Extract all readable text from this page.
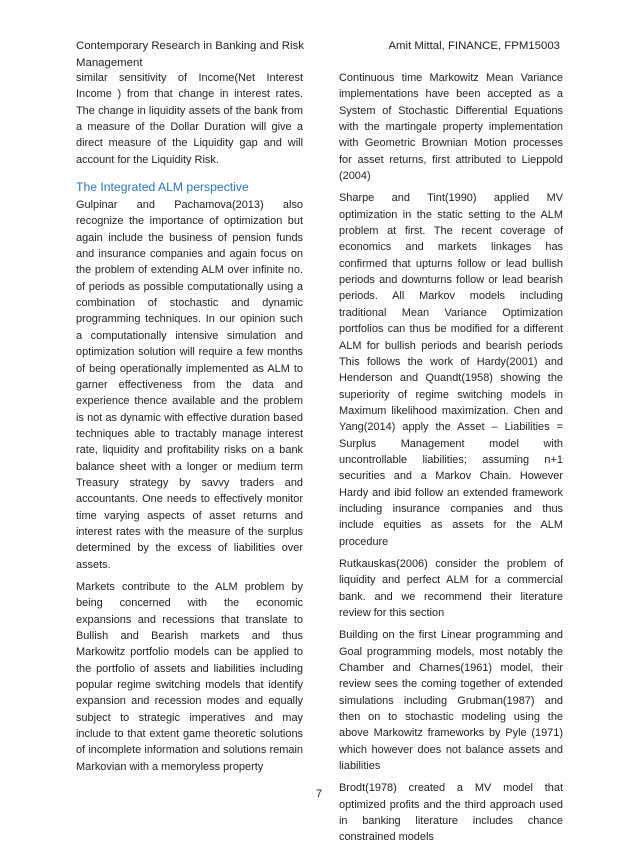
Contemporary Research in Banking and Risk Management
Amit Mittal, FINANCE, FPM15003

similar sensitivity of Income(Net Interest Income ) from that change in interest rates. The change in liquidity assets of the bank from a measure of the Dollar Duration will give a direct measure of the Liquidity gap and will account for the Liquidity Risk.

The Integrated ALM perspective

Gulpinar and Pachamova(2013) also recognize the importance of optimization but again include the business of pension funds and insurance companies and again focus on the problem of extending ALM over infinite no. of periods as possible computationally using a combination of stochastic and dynamic programming techniques. In our opinion such a computationally intensive simulation and optimization solution will require a few months of being operationally implemented as ALM to garner effectiveness from the data and experience thence available and the problem is not as dynamic with effective duration based techniques able to tractably manage interest rate, liquidity and profitability risks on a bank balance sheet with a longer or medium term Treasury strategy by savvy traders and accountants. One needs to effectively monitor time varying aspects of asset returns and interest rates with the measure of the surplus determined by the excess of liabilities over assets.

Markets contribute to the ALM problem by being concerned with the economic expansions and recessions that translate to Bullish and Bearish markets and thus Markowitz portfolio models can be applied to the portfolio of assets and liabilities including popular regime switching models that identify expansion and recession modes and equally subject to strategic imperatives and may include to that extent game theoretic solutions of incomplete information and solutions remain Markovian with a memoryless property

Continuous time Markowitz Mean Variance implementations have been accepted as a System of Stochastic Differential Equations with the martingale property implementation with Geometric Brownian Motion processes for asset returns, first attributed to Lieppold (2004)

Sharpe and Tint(1990) applied MV optimization in the static setting to the ALM problem at first. The recent coverage of economics and markets linkages has confirmed that upturns follow or lead bullish periods and downturns follow or lead bearish periods. All Markov models including traditional Mean Variance Optimization portfolios can thus be modified for a different ALM for bullish periods and bearish periods This follows the work of Hardy(2001) and Henderson and Quandt(1958) showing the superiority of regime switching models in Maximum likelihood maximization. Chen and Yang(2014) apply the Asset – Liabilities = Surplus Management model with uncontrollable liabilities; assuming n+1 securities and a Markov Chain. However Hardy and ibid follow an extended framework including insurance companies and thus include equities as assets for the ALM procedure

Rutkauskas(2006) consider the problem of liquidity and perfect ALM for a commercial bank. and we recommend their literature review for this section

Building on the first Linear programming and Goal programming models, most notably the Chamber and Charnes(1961) model, their review sees the coming together of extended simulations including Grubman(1987) and then on to stochastic modeling using the above Markowitz frameworks by Pyle (1971) which however does not balance assets and liabilities

Brodt(1978) created a MV model that optimized profits and the third approach used in banking literature includes chance constrained models

7
